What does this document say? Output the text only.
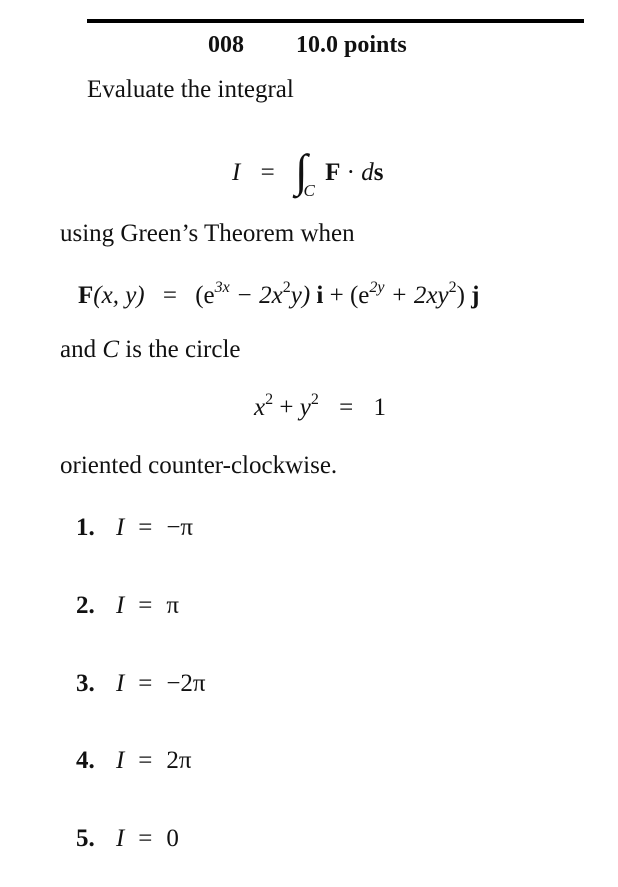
008 10.0 points
Evaluate the integral
$I = \int_C$ F · ds
using Green’s Theorem when
F(x, $y) = (e^{3x} - 2x^2y) i + (e^{2y} + 2xy^2)$ j
and C is the circle
$x^2 + y^2 = 1$
oriented counter-clockwise.
1. I = −π
2. I = π
3. I = −2π
4. I = 2π
5. I = 0
